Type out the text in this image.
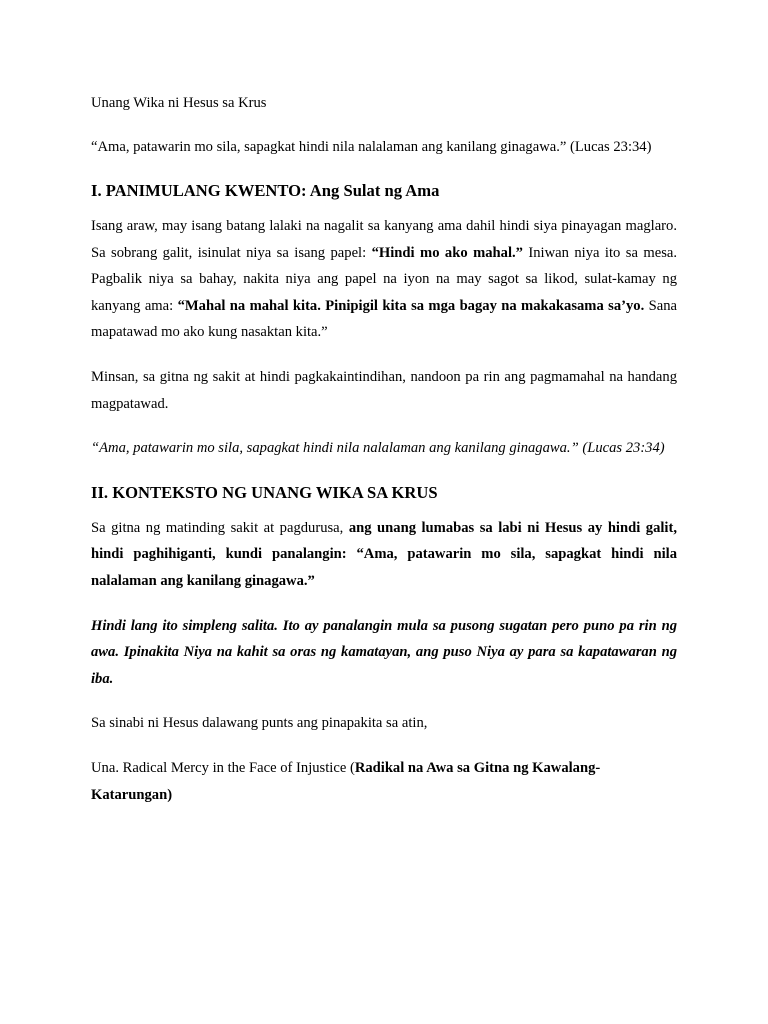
Unang Wika ni Hesus sa Krus

“Ama, patawarin mo sila, sapagkat hindi nila nalalaman ang kanilang ginagawa.” (Lucas 23:34)

I. PANIMULANG KWENTO: Ang Sulat ng Ama

Isang araw, may isang batang lalaki na nagalit sa kanyang ama dahil hindi siya pinayagan maglaro. Sa sobrang galit, isinulat niya sa isang papel: “Hindi mo ako mahal.” Iniwan niya ito sa mesa. Pagbalik niya sa bahay, nakita niya ang papel na iyon na may sagot sa likod, sulat-kamay ng kanyang ama: “Mahal na mahal kita. Pinipigil kita sa mga bagay na makakasama sa’yo. Sana mapatawad mo ako kung nasaktan kita.”

Minsan, sa gitna ng sakit at hindi pagkakaintindihan, nandoon pa rin ang pagmamahal na handang magpatawad.

“Ama, patawarin mo sila, sapagkat hindi nila nalalaman ang kanilang ginagawa.” (Lucas 23:34)

II. KONTEKSTO NG UNANG WIKA SA KRUS

Sa gitna ng matinding sakit at pagdurusa, ang unang lumabas sa labi ni Hesus ay hindi galit, hindi paghihiganti, kundi panalangin: “Ama, patawarin mo sila, sapagkat hindi nila nalalaman ang kanilang ginagawa.”

Hindi lang ito simpleng salita. Ito ay panalangin mula sa pusong sugatan pero puno pa rin ng awa. Ipinakita Niya na kahit sa oras ng kamatayan, ang puso Niya ay para sa kapatawaran ng iba.

Sa sinabi ni Hesus dalawang punts ang pinapakita sa atin,

Una. Radical Mercy in the Face of Injustice (Radikal na Awa sa Gitna ng Kawalang-Katarungan)
